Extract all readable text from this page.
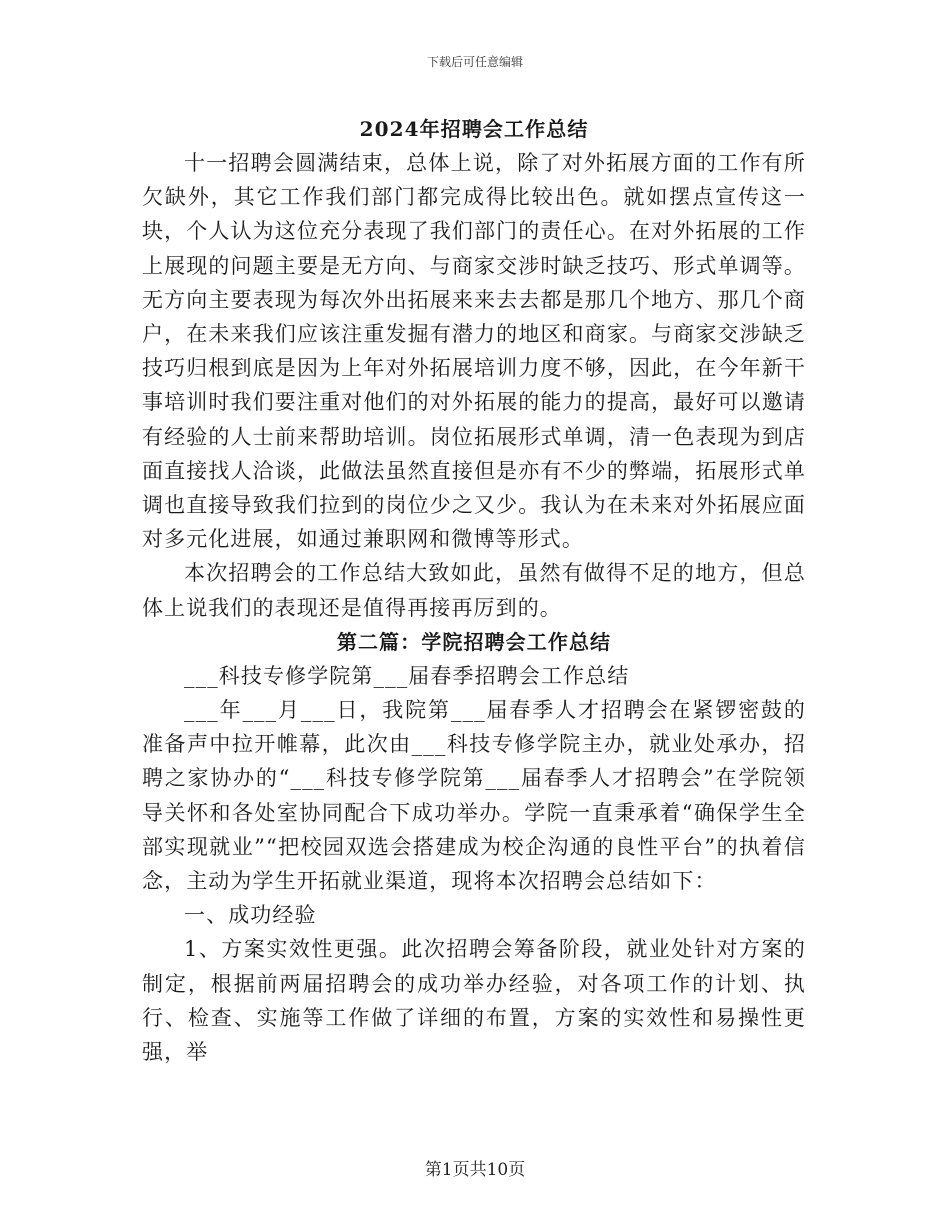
下载后可任意编辑
2024年招聘会工作总结

十一招聘会圆满结束，总体上说，除了对外拓展方面的工作有所欠缺外，其它工作我们部门都完成得比较出色。就如摆点宣传这一块，个人认为这位充分表现了我们部门的责任心。在对外拓展的工作上展现的问题主要是无方向、与商家交涉时缺乏技巧、形式单调等。无方向主要表现为每次外出拓展来来去去都是那几个地方、那几个商户，在未来我们应该注重发掘有潜力的地区和商家。与商家交涉缺乏技巧归根到底是因为上年对外拓展培训力度不够，因此，在今年新干事培训时我们要注重对他们的对外拓展的能力的提高，最好可以邀请有经验的人士前来帮助培训。岗位拓展形式单调，清一色表现为到店面直接找人洽谈，此做法虽然直接但是亦有不少的弊端，拓展形式单调也直接导致我们拉到的岗位少之又少。我认为在未来对外拓展应面对多元化进展，如通过兼职网和微博等形式。

本次招聘会的工作总结大致如此，虽然有做得不足的地方，但总体上说我们的表现还是值得再接再厉到的。

第二篇：学院招聘会工作总结

___科技专修学院第___届春季招聘会工作总结

___年___月___日，我院第___届春季人才招聘会在紧锣密鼓的准备声中拉开帷幕，此次由___科技专修学院主办，就业处承办，招聘之家协办的“___科技专修学院第___届春季人才招聘会”在学院领导关怀和各处室协同配合下成功举办。学院一直秉承着“确保学生全部实现就业”“把校园双选会搭建成为校企沟通的良性平台”的执着信念，主动为学生开拓就业渠道，现将本次招聘会总结如下：

一、成功经验

1、方案实效性更强。此次招聘会筹备阶段，就业处针对方案的制定，根据前两届招聘会的成功举办经验，对各项工作的计划、执行、检查、实施等工作做了详细的布置，方案的实效性和易操性更强，举

第1页共10页
